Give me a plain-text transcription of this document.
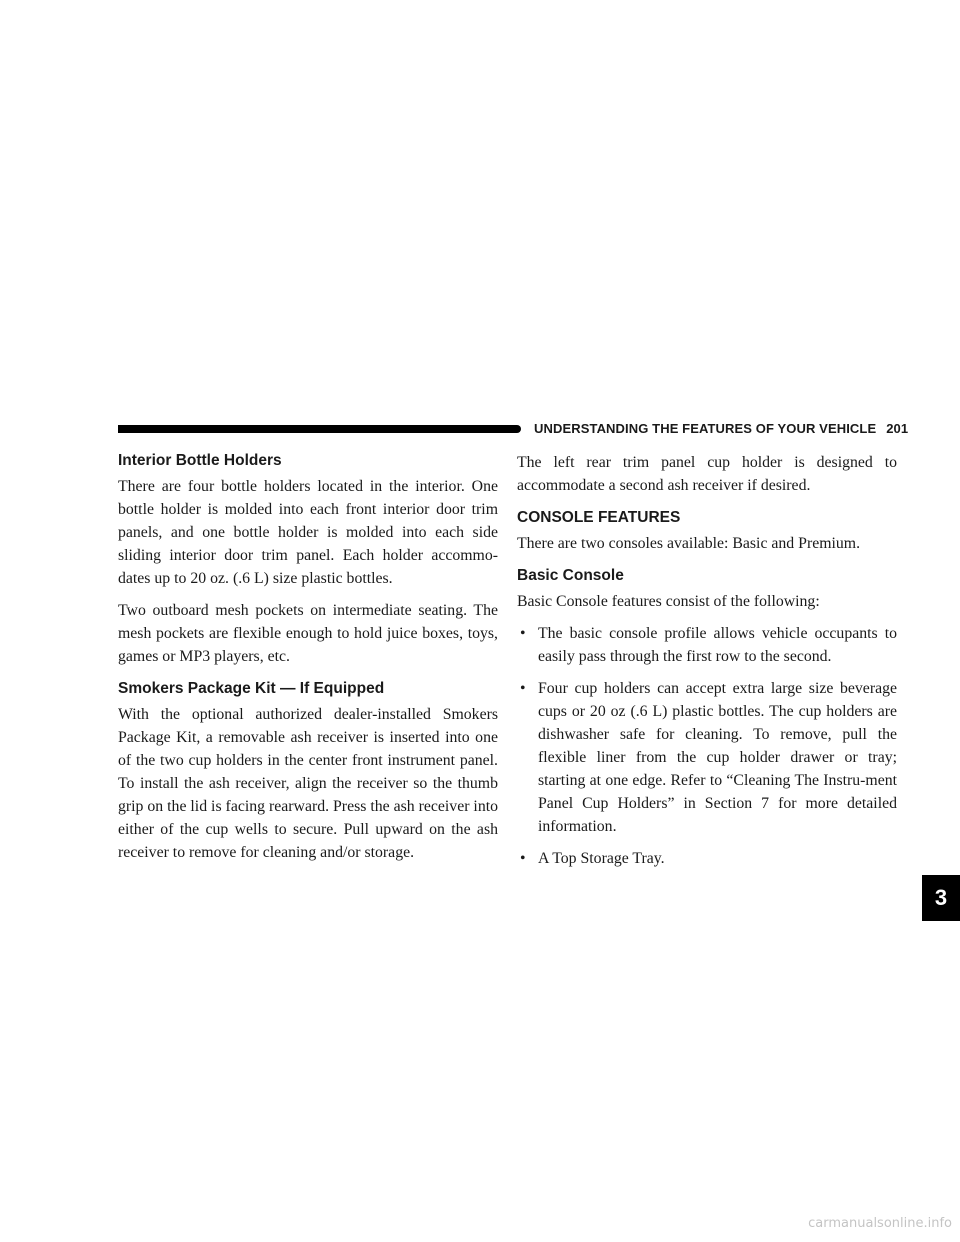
UNDERSTANDING THE FEATURES OF YOUR VEHICLE 201
Interior Bottle Holders

There are four bottle holders located in the interior. One bottle holder is molded into each front interior door trim panels, and one bottle holder is molded into each side sliding interior door trim panel. Each holder accommo-dates up to 20 oz. (.6 L) size plastic bottles.

Two outboard mesh pockets on intermediate seating. The mesh pockets are flexible enough to hold juice boxes, toys, games or MP3 players, etc.

Smokers Package Kit — If Equipped

With the optional authorized dealer-installed Smokers Package Kit, a removable ash receiver is inserted into one of the two cup holders in the center front instrument panel. To install the ash receiver, align the receiver so the thumb grip on the lid is facing rearward. Press the ash receiver into either of the cup wells to secure. Pull upward on the ash receiver to remove for cleaning and/or storage.

The left rear trim panel cup holder is designed to accommodate a second ash receiver if desired.

CONSOLE FEATURES

There are two consoles available: Basic and Premium.

Basic Console

Basic Console features consist of the following:

• The basic console profile allows vehicle occupants to easily pass through the first row to the second.

• Four cup holders can accept extra large size beverage cups or 20 oz (.6 L) plastic bottles. The cup holders are dishwasher safe for cleaning. To remove, pull the flexible liner from the cup holder drawer or tray; starting at one edge. Refer to “Cleaning The Instru-ment Panel Cup Holders” in Section 7 for more detailed information.

• A Top Storage Tray.

3
carmanualsonline.info
